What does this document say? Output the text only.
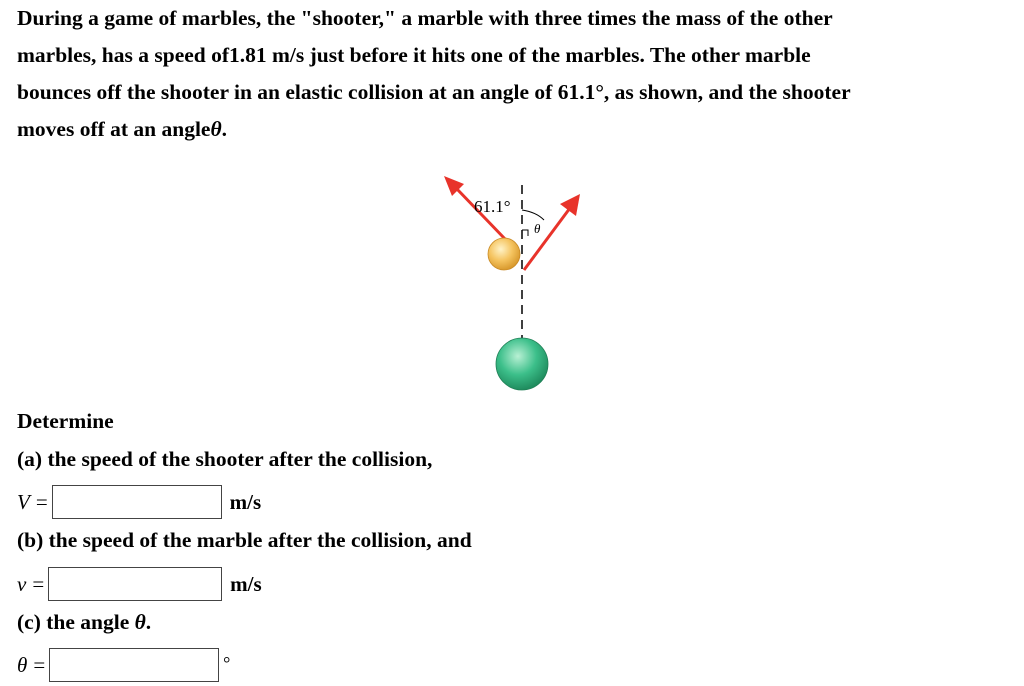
During a game of marbles, the "shooter," a marble with three times the mass of the other

marbles, has a speed of1.81 m/s just before it hits one of the marbles. The other marble

bounces off the shooter in an elastic collision at an angle of 61.1°, as shown, and the shooter

moves off at an angleθ.

61.1°
θ
Determine
(a) the speed of the shooter after the collision,
V =	m/s
(b) the speed of the marble after the collision, and
v =	m/s
(c) the angle θ.
θ =	°
